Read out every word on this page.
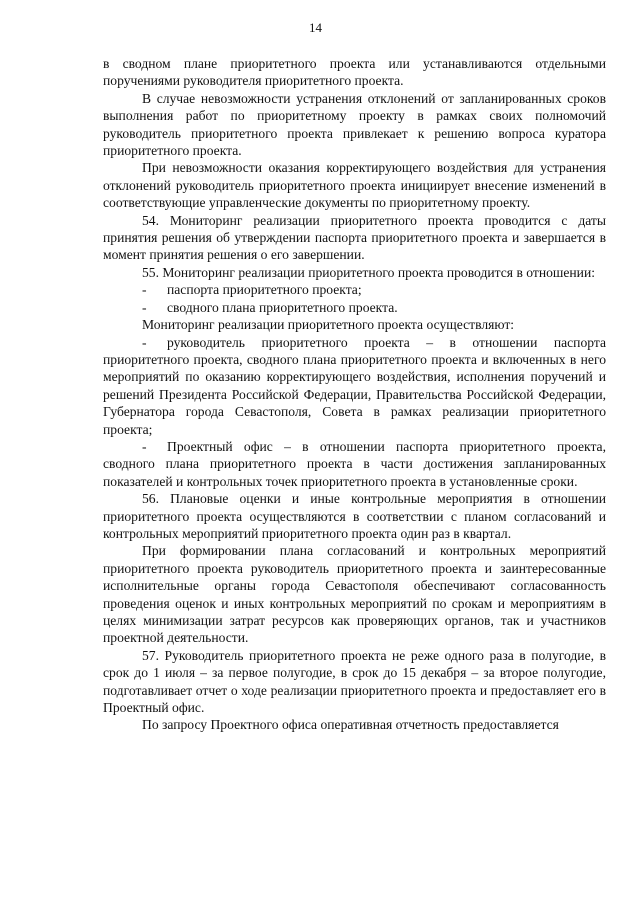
14

в сводном плане приоритетного проекта или устанавливаются отдельными поручениями руководителя приоритетного проекта.

В случае невозможности устранения отклонений от запланированных сроков выполнения работ по приоритетному проекту в рамках своих полномочий руководитель приоритетного проекта привлекает к решению вопроса куратора приоритетного проекта.

При невозможности оказания корректирующего воздействия для устранения отклонений руководитель приоритетного проекта инициирует внесение изменений в соответствующие управленческие документы по приоритетному проекту.

54. Мониторинг реализации приоритетного проекта проводится с даты принятия решения об утверждении паспорта приоритетного проекта и завершается в момент принятия решения о его завершении.

55. Мониторинг реализации приоритетного проекта проводится в отношении:

- паспорта приоритетного проекта;

- сводного плана приоритетного проекта.

Мониторинг реализации приоритетного проекта осуществляют:

- руководитель приоритетного проекта – в отношении паспорта приоритетного проекта, сводного плана приоритетного проекта и включенных в него мероприятий по оказанию корректирующего воздействия, исполнения поручений и решений Президента Российской Федерации, Правительства Российской Федерации, Губернатора города Севастополя, Совета в рамках реализации приоритетного проекта;

- Проектный офис – в отношении паспорта приоритетного проекта, сводного плана приоритетного проекта в части достижения запланированных показателей и контрольных точек приоритетного проекта в установленные сроки.

56. Плановые оценки и иные контрольные мероприятия в отношении приоритетного проекта осуществляются в соответствии с планом согласований и контрольных мероприятий приоритетного проекта один раз в квартал.

При формировании плана согласований и контрольных мероприятий приоритетного проекта руководитель приоритетного проекта и заинтересованные исполнительные органы города Севастополя обеспечивают согласованность проведения оценок и иных контрольных мероприятий по срокам и мероприятиям в целях минимизации затрат ресурсов как проверяющих органов, так и участников проектной деятельности.

57. Руководитель приоритетного проекта не реже одного раза в полугодие, в срок до 1 июля – за первое полугодие, в срок до 15 декабря – за второе полугодие, подготавливает отчет о ходе реализации приоритетного проекта и предоставляет его в Проектный офис.

По запросу Проектного офиса оперативная отчетность предоставляется
